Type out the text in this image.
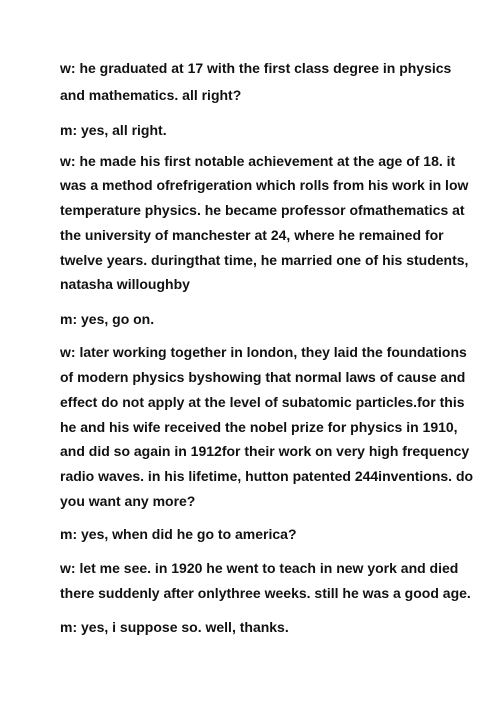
w: he graduated at 17 with the first class degree in physics
and mathematics. all right?
m: yes, all right.
w: he made his first notable achievement at the age of 18. it
was a method ofrefrigeration which rolls from his work in low
temperature physics. he became professor ofmathematics at
the university of manchester at 24, where he remained for
twelve years. duringthat time, he married one of his students,
natasha willoughby
m: yes, go on.
w: later working together in london, they laid the foundations
of modern physics byshowing that normal laws of cause and
effect do not apply at the level of subatomic particles.for this
he and his wife received the nobel prize for physics in 1910,
and did so again in 1912for their work on very high frequency
radio waves. in his lifetime, hutton patented 244inventions. do
you want any more?
m: yes, when did he go to america?
w: let me see. in 1920 he went to teach in new york and died
there suddenly after onlythree weeks. still he was a good age.
m: yes, i suppose so. well, thanks.
